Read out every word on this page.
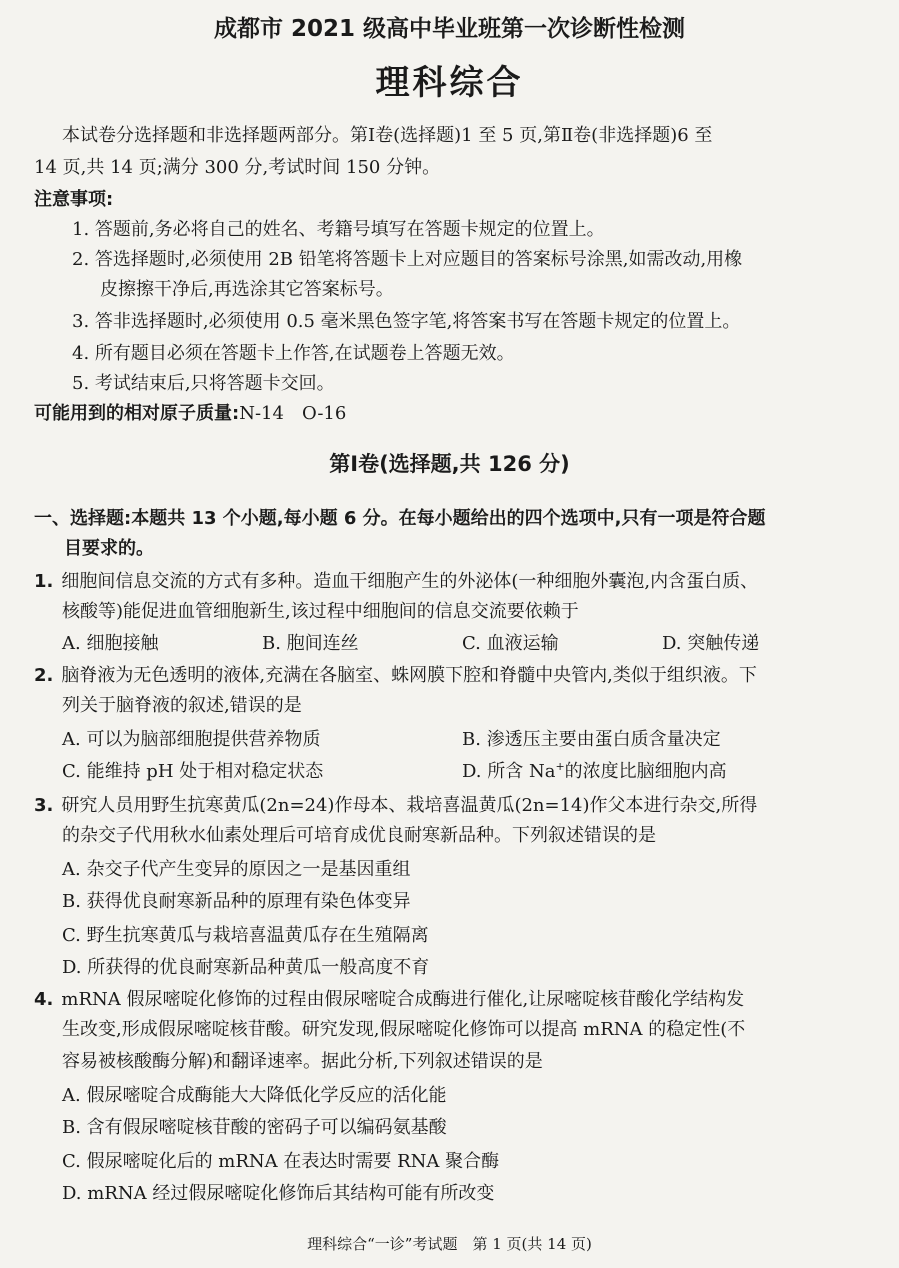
成都市 2021 级高中毕业班第一次诊断性检测
理科综合
本试卷分选择题和非选择题两部分。第Ⅰ卷(选择题)1 至 5 页,第Ⅱ卷(非选择题)6 至
14 页,共 14 页;满分 300 分,考试时间 150 分钟。
注意事项:
1. 答题前,务必将自己的姓名、考籍号填写在答题卡规定的位置上。
2. 答选择题时,必须使用 2B 铅笔将答题卡上对应题目的答案标号涂黑,如需改动,用橡
皮擦擦干净后,再选涂其它答案标号。
3. 答非选择题时,必须使用 0.5 毫米黑色签字笔,将答案书写在答题卡规定的位置上。
4. 所有题目必须在答题卡上作答,在试题卷上答题无效。
5. 考试结束后,只将答题卡交回。
可能用到的相对原子质量:N-14　O-16
第Ⅰ卷(选择题,共 126 分)
一、选择题:本题共 13 个小题,每小题 6 分。在每小题给出的四个选项中,只有一项是符合题
目要求的。
1. 细胞间信息交流的方式有多种。造血干细胞产生的外泌体(一种细胞外囊泡,内含蛋白质、
核酸等)能促进血管细胞新生,该过程中细胞间的信息交流要依赖于
A. 细胞接触	B. 胞间连丝	C. 血液运输	D. 突触传递
2. 脑脊液为无色透明的液体,充满在各脑室、蛛网膜下腔和脊髓中央管内,类似于组织液。下
列关于脑脊液的叙述,错误的是
A. 可以为脑部细胞提供营养物质	B. 渗透压主要由蛋白质含量决定
C. 能维持 pH 处于相对稳定状态	D. 所含 Na+的浓度比脑细胞内高
3. 研究人员用野生抗寒黄瓜(2n=24)作母本、栽培喜温黄瓜(2n=14)作父本进行杂交,所得
的杂交子代用秋水仙素处理后可培育成优良耐寒新品种。下列叙述错误的是
A. 杂交子代产生变异的原因之一是基因重组
B. 获得优良耐寒新品种的原理有染色体变异
C. 野生抗寒黄瓜与栽培喜温黄瓜存在生殖隔离
D. 所获得的优良耐寒新品种黄瓜一般高度不育
4. mRNA 假尿嘧啶化修饰的过程由假尿嘧啶合成酶进行催化,让尿嘧啶核苷酸化学结构发
生改变,形成假尿嘧啶核苷酸。研究发现,假尿嘧啶化修饰可以提高 mRNA 的稳定性(不
容易被核酸酶分解)和翻译速率。据此分析,下列叙述错误的是
A. 假尿嘧啶合成酶能大大降低化学反应的活化能
B. 含有假尿嘧啶核苷酸的密码子可以编码氨基酸
C. 假尿嘧啶化后的 mRNA 在表达时需要 RNA 聚合酶
D. mRNA 经过假尿嘧啶化修饰后其结构可能有所改变
理科综合“一诊”考试题　第 1 页(共 14 页)
